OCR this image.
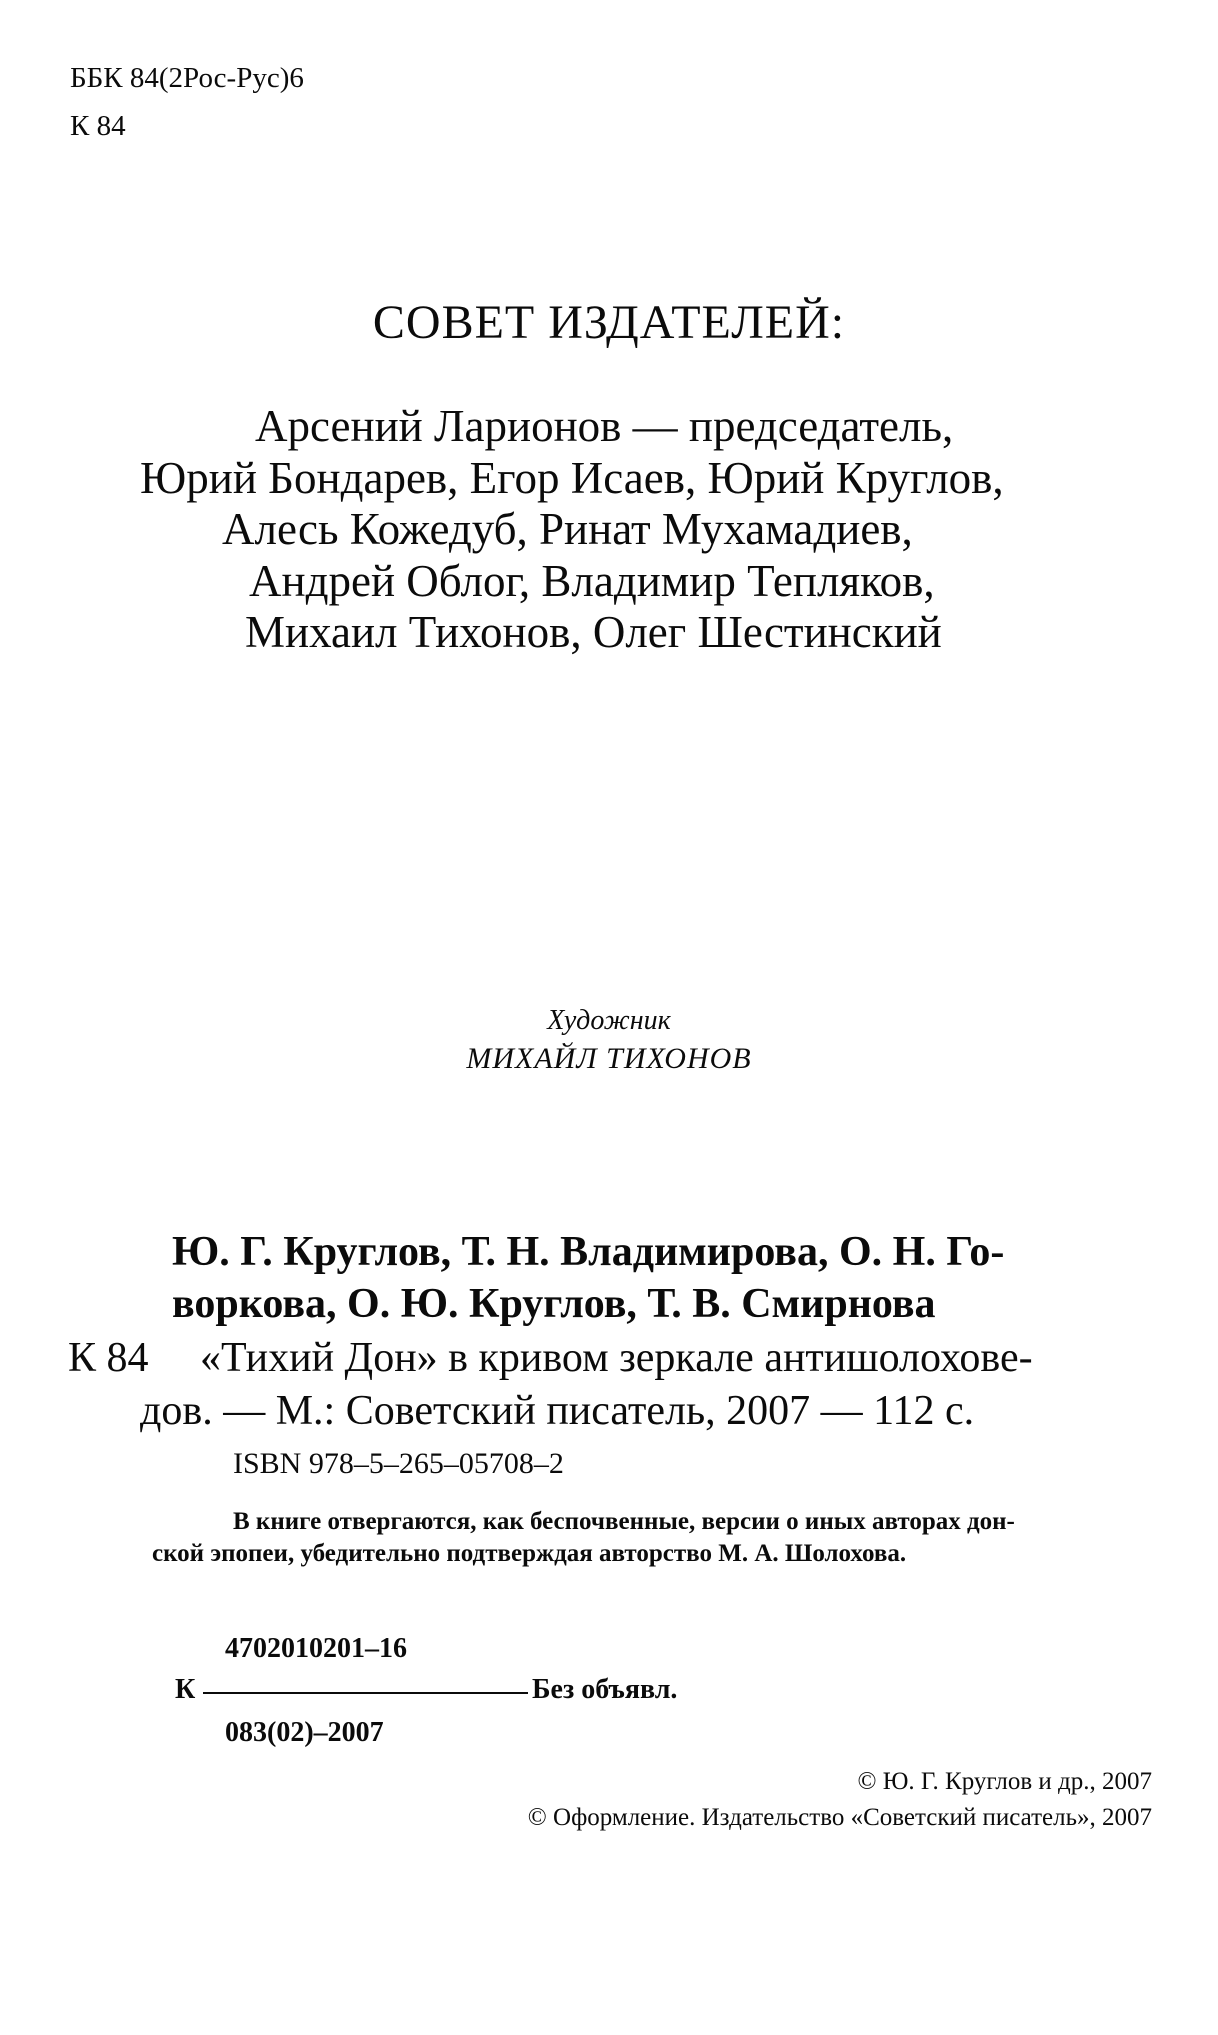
ББК 84(2Рос-Рус)6
К 84
СОВЕТ ИЗДАТЕЛЕЙ:
Арсений Ларионов — председатель,
Юрий Бондарев, Егор Исаев, Юрий Круглов,
Алесь Кожедуб, Ринат Мухамадиев,
Андрей Облог, Владимир Тепляков,
Михаил Тихонов, Олег Шестинский
Художник
МИХАЙЛ ТИХОНОВ
Ю. Г. Круглов, Т. Н. Владимирова, О. Н. Го-
воркова, О. Ю. Круглов, Т. В. Смирнова
К 84 «Тихий Дон» в кривом зеркале антишолохове-
дов. — М.: Советский писатель, 2007 — 112 с.
ISBN 978–5–265–05708–2
В книге отвергаются, как беспочвенные, версии о иных авторах дон-
ской эпопеи, убедительно подтверждая авторство М. А. Шолохова.
4702010201–16
К	Без объявл.
083(02)–2007
© Ю. Г. Круглов и др., 2007
© Оформление. Издательство «Советский писатель», 2007
